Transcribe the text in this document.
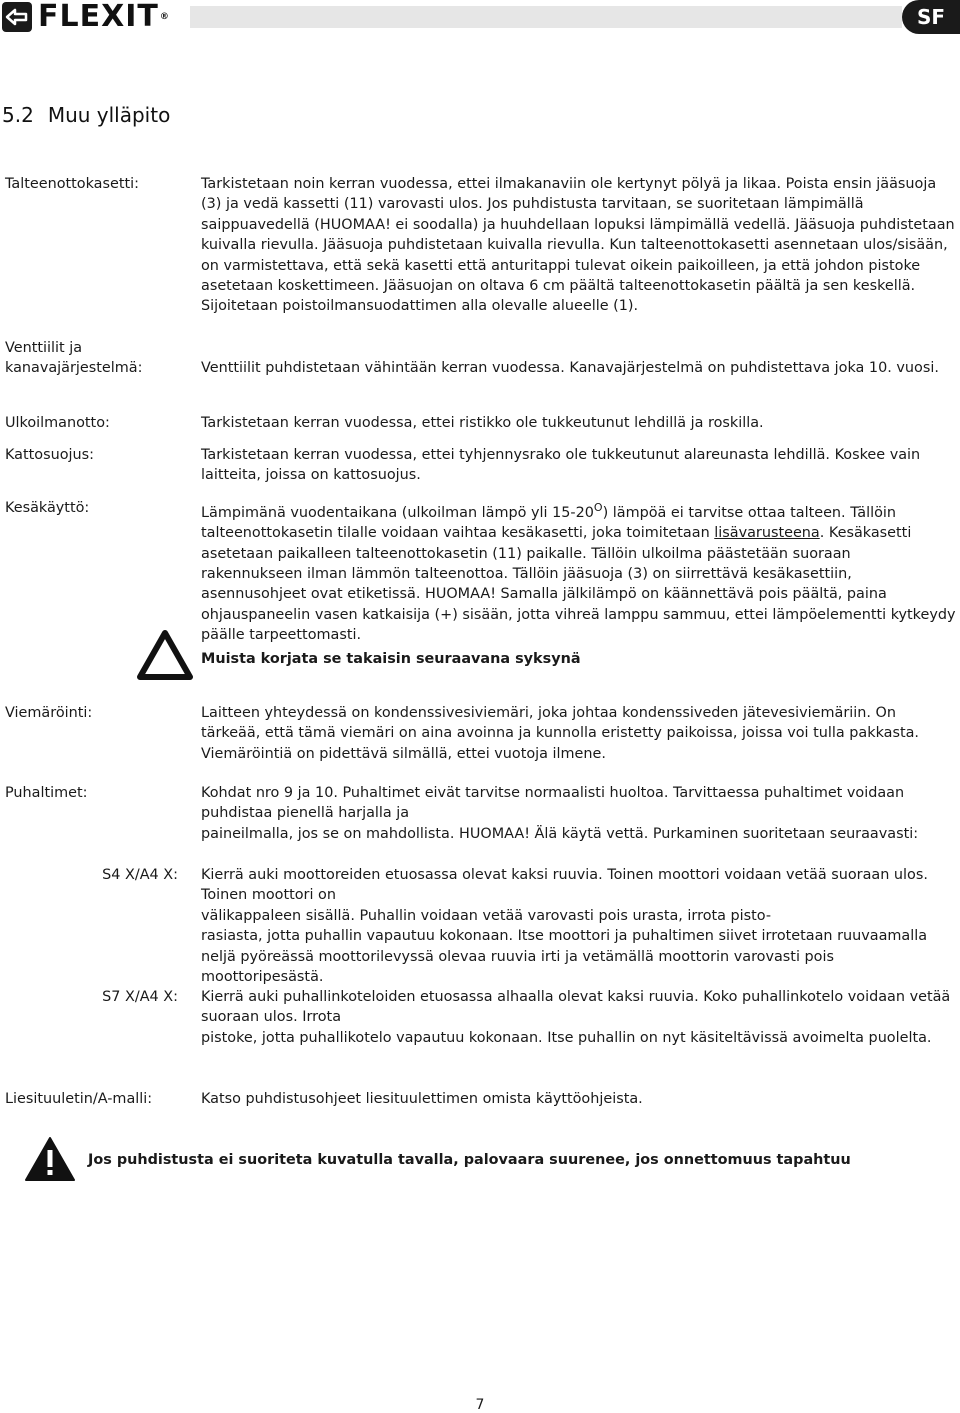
FLEXIT®	SF
5.2 Muu ylläpito
Talteenottokasetti:	Tarkistetaan noin kerran vuodessa, ettei ilmakanaviin ole kertynyt pölyä ja likaa. Poista ensin jääsuoja (3) ja vedä kassetti (11) varovasti ulos. Jos puhdistusta tarvitaan, se suoritetaan lämpimällä saippuavedellä (HUOMAA! ei soodalla) ja huuhdellaan lopuksi lämpimällä vedellä. Jääsuoja puhdistetaan kuivalla rievulla. Jääsuoja puhdistetaan kuivalla rievulla. Kun talteenottokasetti asennetaan ulos/sisään, on varmistettava, että sekä kasetti että anturitappi tulevat oikein paikoilleen, ja että johdon pistoke asetetaan koskettimeen. Jääsuojan on oltava 6 cm päältä talteenottokasetin päältä ja sen keskellä. Sijoitetaan poistoilmansuodattimen alla olevalle alueelle (1).
Venttiilit ja kanavajärjestelmä:	Venttiilit puhdistetaan vähintään kerran vuodessa. Kanavajärjestelmä on puhdistettava joka 10. vuosi.
Ulkoilmanotto:	Tarkistetaan kerran vuodessa, ettei ristikko ole tukkeutunut lehdillä ja roskilla.
Kattosuojus:	Tarkistetaan kerran vuodessa, ettei tyhjennysrako ole tukkeutunut alareunasta lehdillä. Koskee vain laitteita, joissa on kattosuojus.
Kesäkäyttö:	Lämpimänä vuodentaikana (ulkoilman lämpö yli $15-20^O$) lämpöä ei tarvitse ottaa talteen. Tällöin talteenottokasetin tilalle voidaan vaihtaa kesäkasetti, joka toimitetaan lisävarusteena. Kesäkasetti asetetaan paikalleen talteenottokasetin (11) paikalle. Tällöin ulkoilma päästetään suoraan rakennukseen ilman lämmön talteenottoa. Tällöin jääsuoja (3) on siirrettävä kesäkasettiin, asennusohjeet ovat etiketissä. HUOMAA! Samalla jälkilämpö on käännettävä pois päältä, paina ohjauspaneelin vasen katkaisija (+) sisään, jotta vihreä lamppu sammuu, ettei lämpöelementti kytkeydy päälle tarpeettomasti.
Muista korjata se takaisin seuraavana syksynä
Viemäröinti:	Laitteen yhteydessä on kondenssivesiviemäri, joka johtaa kondenssiveden jätevesiviemäriin. On tärkeää, että tämä viemäri on aina avoinna ja kunnolla eristetty paikoissa, joissa voi tulla pakkasta. Viemäröintiä on pidettävä silmällä, ettei vuotoja ilmene.
Puhaltimet:	Kohdat nro 9 ja 10. Puhaltimet eivät tarvitse normaalisti huoltoa. Tarvittaessa puhaltimet voidaan puhdistaa pienellä harjalla ja
paineilmalla, jos se on mahdollista. HUOMAA! Älä käytä vettä. Purkaminen suoritetaan seuraavasti:
S4 X/A4 X: Kierrä auki moottoreiden etuosassa olevat kaksi ruuvia. Toinen moottori voidaan vetää suoraan ulos. Toinen moottori on
välikappaleen sisällä. Puhallin voidaan vetää varovasti pois urasta, irrota pisto-
rasiasta, jotta puhallin vapautuu kokonaan. Itse moottori ja puhaltimen siivet irrotetaan ruuvaamalla neljä pyöreässä moottorilevyssä olevaa ruuvia irti ja vetämällä moottorin varovasti pois moottoripesästä.
S7 X/A4 X: Kierrä auki puhallinkoteloiden etuosassa alhaalla olevat kaksi ruuvia. Koko puhallinkotelo voidaan vetää suoraan ulos. Irrota
pistoke, jotta puhallikotelo vapautuu kokonaan. Itse puhallin on nyt käsiteltävissä avoimelta puolelta.
Liesituuletin/A-malli:	Katso puhdistusohjeet liesituulettimen omista käyttöohjeista.
Jos puhdistusta ei suoriteta kuvatulla tavalla, palovaara suurenee, jos onnettomuus tapahtuu
7
